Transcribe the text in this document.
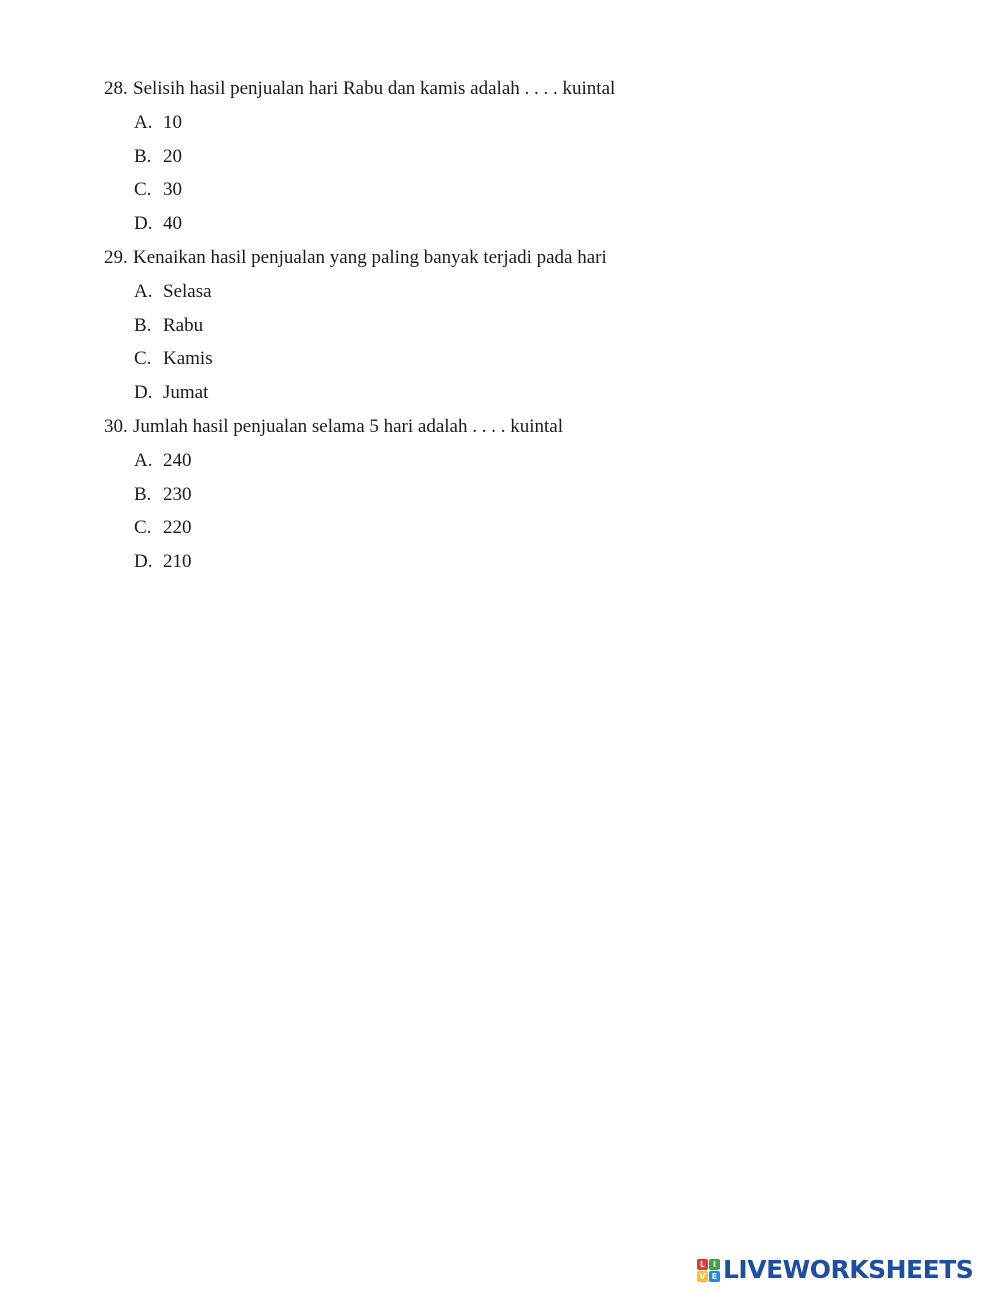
28. Selisih hasil penjualan hari Rabu dan kamis adalah . . . . kuintal
A. 10
B. 20
C. 30
D. 40
29. Kenaikan hasil penjualan yang paling banyak terjadi pada hari
A. Selasa
B. Rabu
C. Kamis
D. Jumat
30. Jumlah hasil penjualan selama 5 hari adalah . . . . kuintal
A. 240
B. 230
C. 220
D. 210
L I
V E LIVEWORKSHEETS
